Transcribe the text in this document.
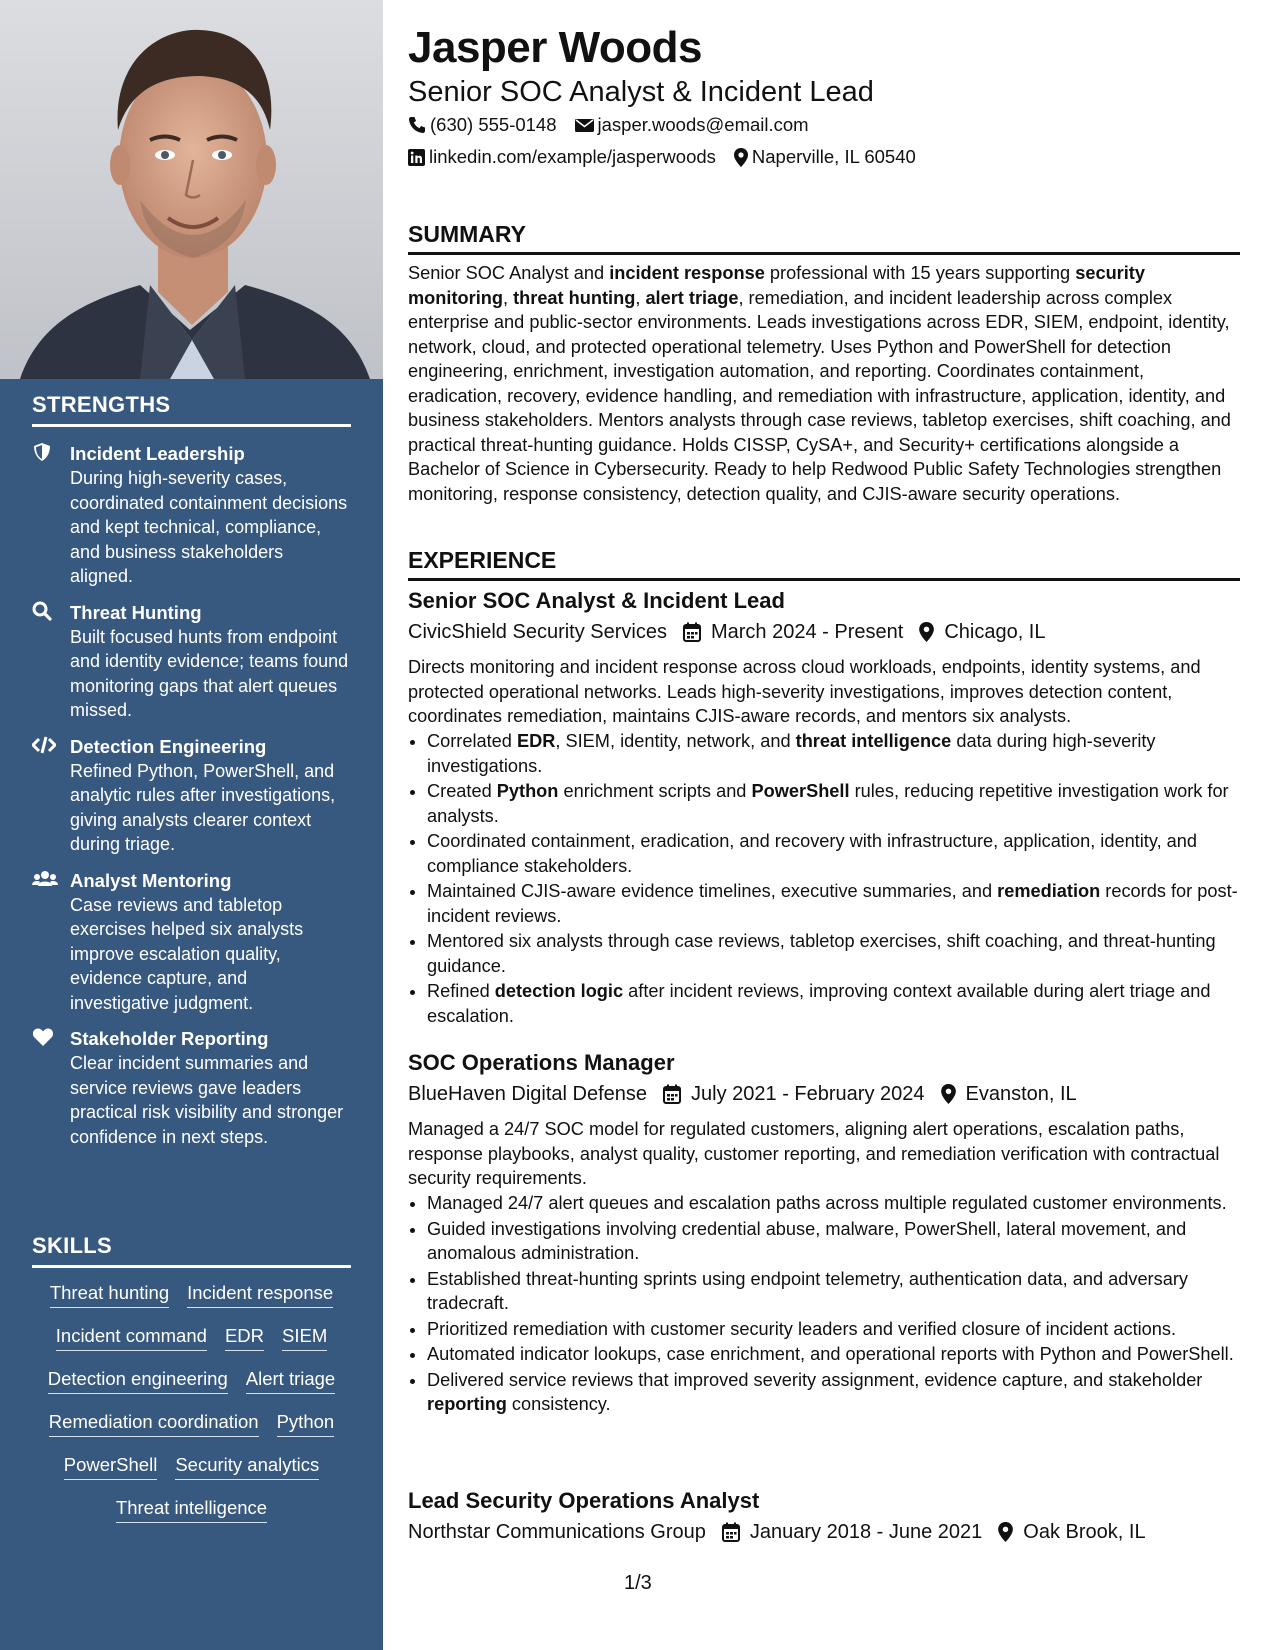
STRENGTHS
Incident Leadership
During high-severity cases, coordinated containment decisions and kept technical, compliance, and business stakeholders aligned.
Threat Hunting
Built focused hunts from endpoint and identity evidence; teams found monitoring gaps that alert queues missed.
Detection Engineering
Refined Python, PowerShell, and analytic rules after investigations, giving analysts clearer context during triage.
Analyst Mentoring
Case reviews and tabletop exercises helped six analysts improve escalation quality, evidence capture, and investigative judgment.
Stakeholder Reporting
Clear incident summaries and service reviews gave leaders practical risk visibility and stronger confidence in next steps.
SKILLS
Threat hunting Incident response
Incident command EDR SIEM
Detection engineering Alert triage
Remediation coordination Python
PowerShell Security analytics
Threat intelligence
Jasper Woods
Senior SOC Analyst & Incident Lead
(630) 555-0148 jasper.woods@email.com
linkedin.com/example/jasperwoods Naperville, IL 60540
SUMMARY
Senior SOC Analyst and incident response professional with 15 years supporting security monitoring, threat hunting, alert triage, remediation, and incident leadership across complex enterprise and public-sector environments. Leads investigations across EDR, SIEM, endpoint, identity, network, cloud, and protected operational telemetry. Uses Python and PowerShell for detection engineering, enrichment, investigation automation, and reporting. Coordinates containment, eradication, recovery, evidence handling, and remediation with infrastructure, application, identity, and business stakeholders. Mentors analysts through case reviews, tabletop exercises, shift coaching, and practical threat-hunting guidance. Holds CISSP, CySA+, and Security+ certifications alongside a Bachelor of Science in Cybersecurity. Ready to help Redwood Public Safety Technologies strengthen monitoring, response consistency, detection quality, and CJIS-aware security operations.
EXPERIENCE
Senior SOC Analyst & Incident Lead
CivicShield Security Services March 2024 - Present Chicago, IL
Directs monitoring and incident response across cloud workloads, endpoints, identity systems, and protected operational networks. Leads high-severity investigations, improves detection content, coordinates remediation, maintains CJIS-aware records, and mentors six analysts.
• Correlated EDR, SIEM, identity, network, and threat intelligence data during high-severity investigations.
• Created Python enrichment scripts and PowerShell rules, reducing repetitive investigation work for analysts.
• Coordinated containment, eradication, and recovery with infrastructure, application, identity, and compliance stakeholders.
• Maintained CJIS-aware evidence timelines, executive summaries, and remediation records for post-incident reviews.
• Mentored six analysts through case reviews, tabletop exercises, shift coaching, and threat-hunting guidance.
• Refined detection logic after incident reviews, improving context available during alert triage and escalation.
SOC Operations Manager
BlueHaven Digital Defense July 2021 - February 2024 Evanston, IL
Managed a 24/7 SOC model for regulated customers, aligning alert operations, escalation paths, response playbooks, analyst quality, customer reporting, and remediation verification with contractual security requirements.
• Managed 24/7 alert queues and escalation paths across multiple regulated customer environments.
• Guided investigations involving credential abuse, malware, PowerShell, lateral movement, and anomalous administration.
• Established threat-hunting sprints using endpoint telemetry, authentication data, and adversary tradecraft.
• Prioritized remediation with customer security leaders and verified closure of incident actions.
• Automated indicator lookups, case enrichment, and operational reports with Python and PowerShell.
• Delivered service reviews that improved severity assignment, evidence capture, and stakeholder reporting consistency.
Lead Security Operations Analyst
Northstar Communications Group January 2018 - June 2021 Oak Brook, IL
1/3
